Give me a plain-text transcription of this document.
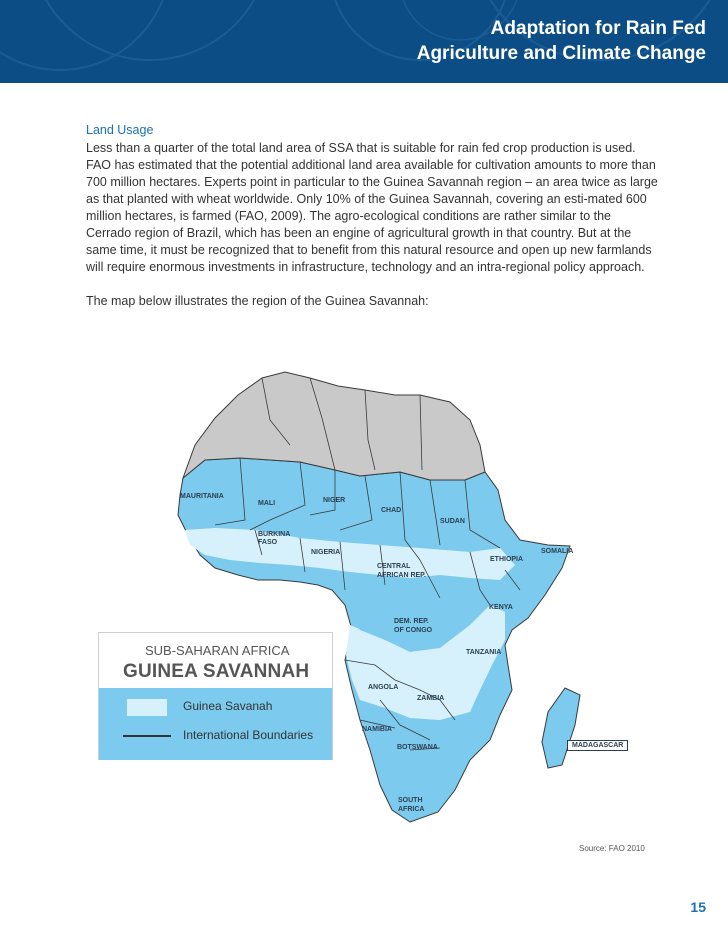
Adaptation for Rain Fed
Agriculture and Climate Change
Land Usage

Less than a quarter of the total land area of SSA that is suitable for rain fed crop production is used. FAO has estimated that the potential additional land area available for cultivation amounts to more than 700 million hectares. Experts point in particular to the Guinea Savannah region – an area twice as large as that planted with wheat worldwide. Only 10% of the Guinea Savannah, covering an esti-mated 600 million hectares, is farmed (FAO, 2009). The agro-ecological conditions are rather similar to the Cerrado region of Brazil, which has been an engine of agricultural growth in that country. But at the same time, it must be recognized that to benefit from this natural resource and open up new farmlands will require enormous investments in infrastructure, technology and an intra-regional policy approach.

The map below illustrates the region of the Guinea Savannah:

SUB-SAHARAN AFRICA
GUINEA SAVANNAH
Guinea Savanah
International Boundaries
MAURITANIA
MALI	NIGER
CHAD
SUDAN
BURKINA
FASO
NIGERIA
ETHIOPIA
SOMALIA
CENTRAL
AFRICAN REP.
KENYA
DEM. REP.
OF CONGO
TANZANIA
ANGOLA
ZAMBIA
NAMIBIA
BOTSWANA
SOUTH
AFRICA
MADAGASCAR
Source: FAO 2010
15
